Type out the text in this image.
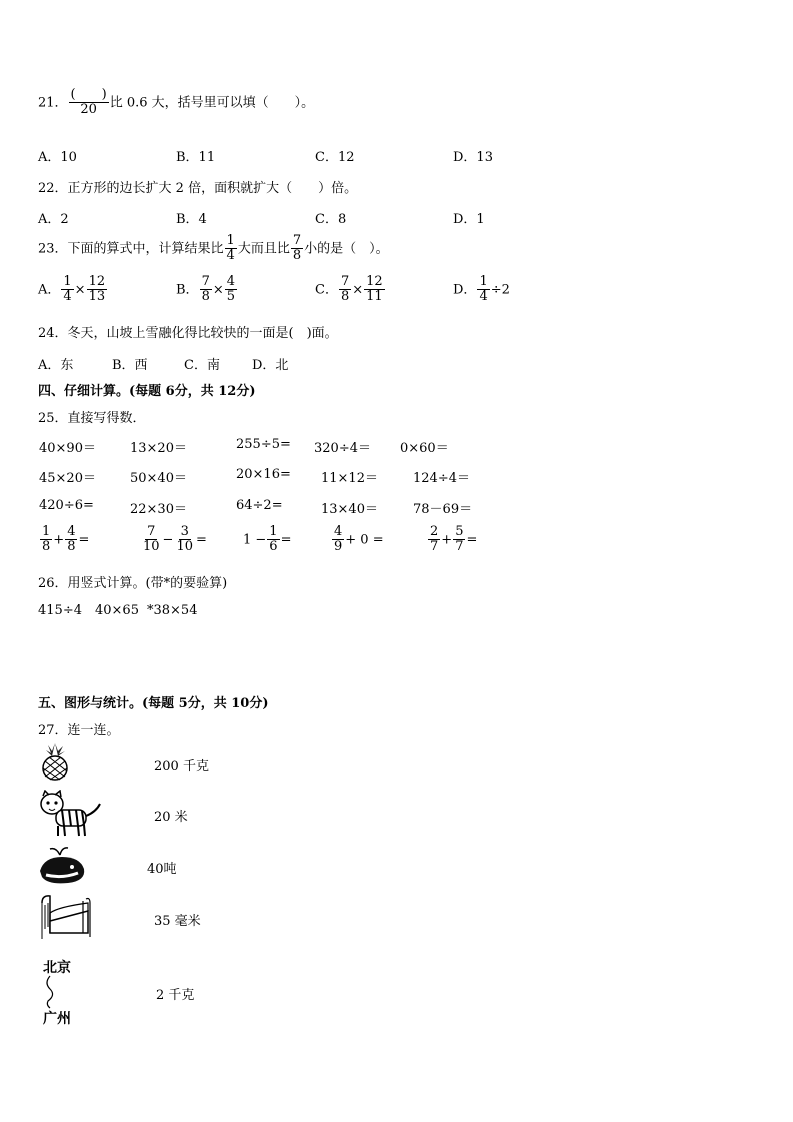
21． $\frac{( )}{20}$ 比 0.6 大，括号里可以填（　　）。
A．10	B．11	C．12	D．13
22．正方形的边长扩大 2 倍，面积就扩大（　　）倍。
A．2	B．4	C．8	D．1
23．下面的算式中，计算结果比 $\frac{1}{4}$ 大而且比 $\frac{7}{8}$ 小的是（　）。
A． $\frac{1}{4} \times \frac{12}{13}$	B． $\frac{7}{8} \times \frac{4}{5}$	C． $\frac{7}{8} \times \frac{12}{11}$	D． $\frac{1}{4} \div 2$
24．冬天，山坡上雪融化得比较快的一面是(　)面。
A．东	B．西	C．南 D．北
四、仔细计算。(每题 6分，共 12分)
25．直接写得数．
40×90＝	13×20＝	255÷5= 320÷4＝ 0×60＝
45×20＝	50×40＝	20×16= 11×12＝	124÷4＝
420÷6=	22×30＝	64÷2=	13×40＝	78－69＝
$\frac{1}{8} + \frac{4}{8}$ =	$\frac{7}{10} - \frac{3}{10}$ =	$1 - \frac{1}{6}$ =	$\frac{4}{9} + 0$ =	$\frac{2}{7} + \frac{5}{7}$ =
26．用竖式计算。(带*的要验算)
415÷4 40×65 *38×54
五、图形与统计。(每题 5分，共 10分)
27．连一连。
北京
广州
200 千克
20 米
40吨
35 毫米
2 千克
